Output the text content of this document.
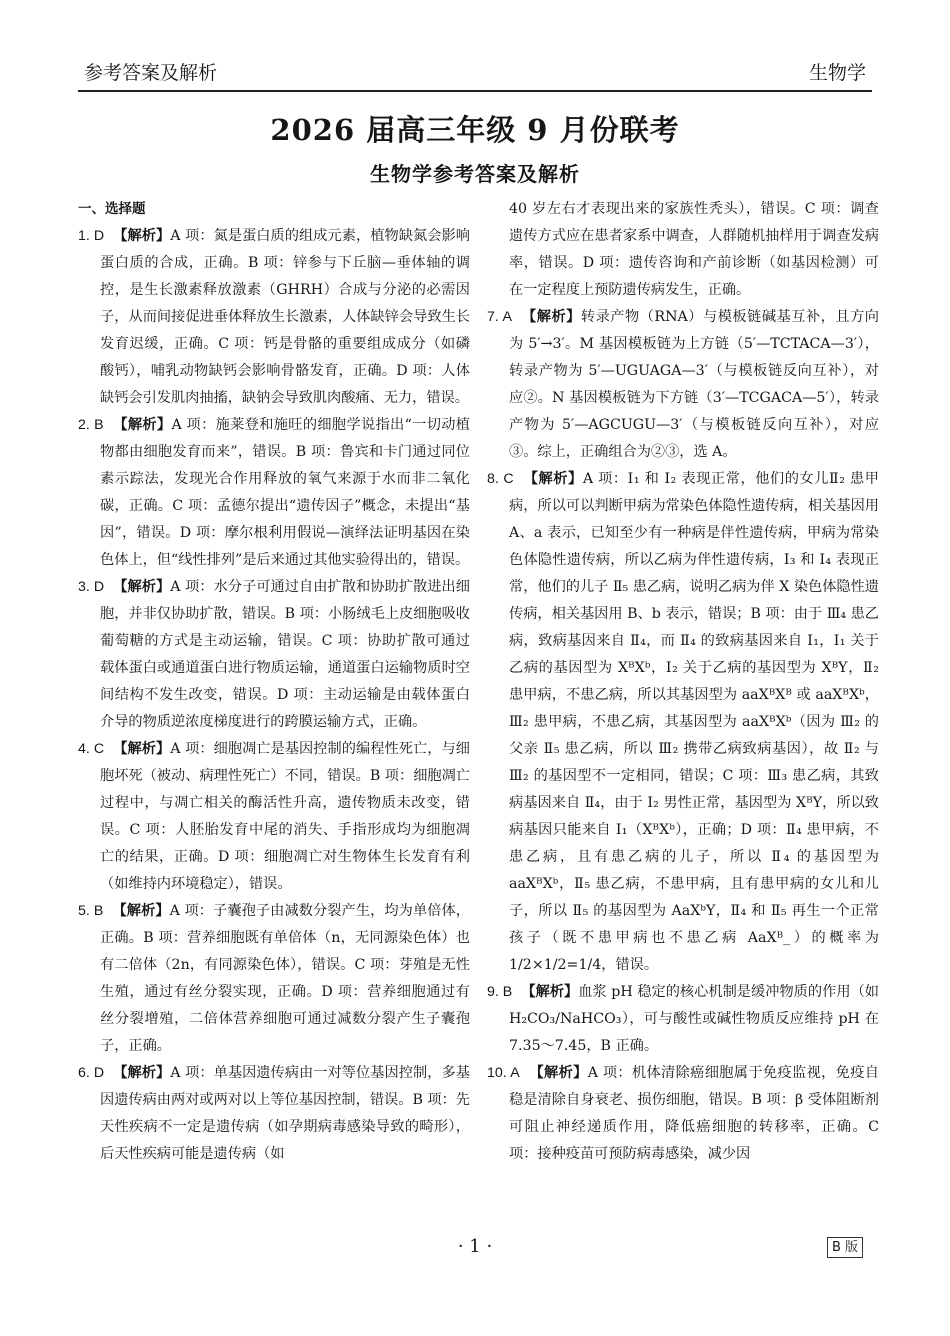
参考答案及解析	生物学
2026 届高三年级 9 月份联考
生物学参考答案及解析
一、选择题
1. D 【解析】A 项：氮是蛋白质的组成元素，植物缺氮会影响蛋白质的合成，正确。B 项：锌参与下丘脑—垂体轴的调控，是生长激素释放激素（GHRH）合成与分泌的必需因子，从而间接促进垂体释放生长激素，人体缺锌会导致生长发育迟缓，正确。C 项：钙是骨骼的重要组成成分（如磷酸钙），哺乳动物缺钙会影响骨骼发育，正确。D 项：人体缺钙会引发肌肉抽搐，缺钠会导致肌肉酸痛、无力，错误。
2. B 【解析】A 项：施莱登和施旺的细胞学说指出“一切动植物都由细胞发育而来”，错误。B 项：鲁宾和卡门通过同位素示踪法，发现光合作用释放的氧气来源于水而非二氧化碳，正确。C 项：孟德尔提出“遗传因子”概念，未提出“基因”，错误。D 项：摩尔根利用假说—演绎法证明基因在染色体上，但“线性排列”是后来通过其他实验得出的，错误。
3. D 【解析】A 项：水分子可通过自由扩散和协助扩散进出细胞，并非仅协助扩散，错误。B 项：小肠绒毛上皮细胞吸收葡萄糖的方式是主动运输，错误。C 项：协助扩散可通过载体蛋白或通道蛋白进行物质运输，通道蛋白运输物质时空间结构不发生改变，错误。D 项：主动运输是由载体蛋白介导的物质逆浓度梯度进行的跨膜运输方式，正确。
4. C 【解析】A 项：细胞凋亡是基因控制的编程性死亡，与细胞坏死（被动、病理性死亡）不同，错误。B 项：细胞凋亡过程中，与凋亡相关的酶活性升高，遗传物质未改变，错误。C 项：人胚胎发育中尾的消失、手指形成均为细胞凋亡的结果，正确。D 项：细胞凋亡对生物体生长发育有利（如维持内环境稳定），错误。
5. B 【解析】A 项：子囊孢子由减数分裂产生，均为单倍体，正确。B 项：营养细胞既有单倍体（n，无同源染色体）也有二倍体（2n，有同源染色体），错误。C 项：芽殖是无性生殖，通过有丝分裂实现，正确。D 项：营养细胞通过有丝分裂增殖，二倍体营养细胞可通过减数分裂产生子囊孢子，正确。
6. D 【解析】A 项：单基因遗传病由一对等位基因控制，多基因遗传病由两对或两对以上等位基因控制，错误。B 项：先天性疾病不一定是遗传病（如孕期病毒感染导致的畸形），后天性疾病可能是遗传病（如
40 岁左右才表现出来的家族性秃头），错误。C 项：调查遗传方式应在患者家系中调查，人群随机抽样用于调查发病率，错误。D 项：遗传咨询和产前诊断（如基因检测）可在一定程度上预防遗传病发生，正确。
7. A 【解析】转录产物（RNA）与模板链碱基互补，且方向为 5′→3′。M 基因模板链为上方链（5′—TCTACA—3′），转录产物为 5′—UGUAGA—3′（与模板链反向互补），对应②。N 基因模板链为下方链（3′—TCGACA—5′），转录产物为 5′—AGCUGU—3′（与模板链反向互补），对应③。综上，正确组合为②③，选 A。
8. C 【解析】A 项：Ⅰ₁ 和 Ⅰ₂ 表现正常，他们的女儿Ⅱ₂ 患甲病，所以可以判断甲病为常染色体隐性遗传病，相关基因用 A、a 表示，已知至少有一种病是伴性遗传病，甲病为常染色体隐性遗传病，所以乙病为伴性遗传病，Ⅰ₃ 和 Ⅰ₄ 表现正常，他们的儿子 Ⅱ₅ 患乙病，说明乙病为伴 X 染色体隐性遗传病，相关基因用 B、b 表示，错误；B 项：由于 Ⅲ₄ 患乙病，致病基因来自 Ⅱ₄，而 Ⅱ₄ 的致病基因来自 Ⅰ₁，Ⅰ₁ 关于乙病的基因型为 XᴮXᵇ，Ⅰ₂ 关于乙病的基因型为 XᴮY，Ⅱ₂ 患甲病，不患乙病，所以其基因型为 aaXᴮXᴮ 或 aaXᴮXᵇ，Ⅲ₂ 患甲病，不患乙病，其基因型为 aaXᴮXᵇ（因为 Ⅲ₂ 的父亲 Ⅱ₅ 患乙病，所以 Ⅲ₂ 携带乙病致病基因），故 Ⅱ₂ 与 Ⅲ₂ 的基因型不一定相同，错误；C 项：Ⅲ₃ 患乙病，其致病基因来自 Ⅱ₄，由于 Ⅰ₂ 男性正常，基因型为 XᴮY，所以致病基因只能来自 Ⅰ₁（XᴮXᵇ），正确；D 项：Ⅱ₄ 患甲病，不患乙病，且有患乙病的儿子，所以 Ⅱ₄ 的基因型为 aaXᴮXᵇ，Ⅱ₅ 患乙病，不患甲病，且有患甲病的女儿和儿子，所以 Ⅱ₅ 的基因型为 AaXᵇY，Ⅱ₄ 和 Ⅱ₅ 再生一个正常孩子（既不患甲病也不患乙病 AaXᴮ_）的概率为 1/2×1/2=1/4，错误。
9. B 【解析】血浆 pH 稳定的核心机制是缓冲物质的作用（如 H₂CO₃/NaHCO₃），可与酸性或碱性物质反应维持 pH 在 7.35～7.45，B 正确。
10. A 【解析】A 项：机体清除癌细胞属于免疫监视，免疫自稳是清除自身衰老、损伤细胞，错误。B 项：β 受体阻断剂可阻止神经递质作用，降低癌细胞的转移率，正确。C 项：接种疫苗可预防病毒感染，减少因
· 1 ·	B 版
